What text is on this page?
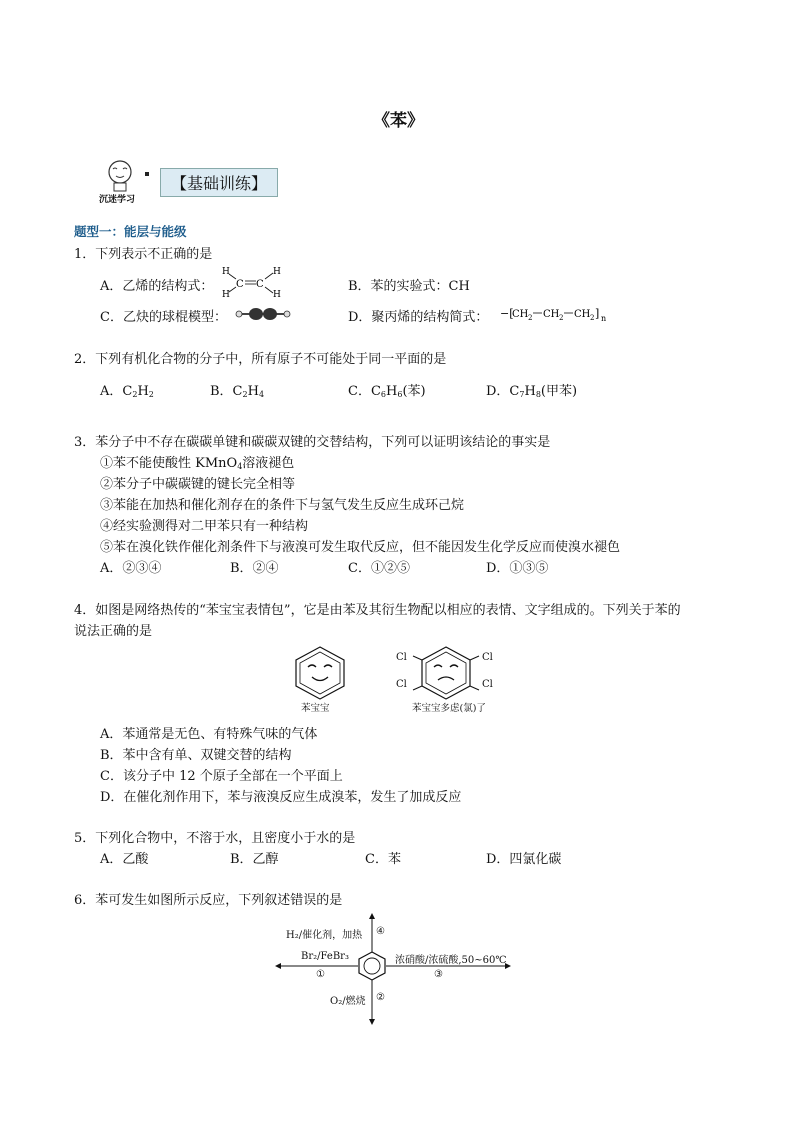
《苯》
沉迷学习
【基础训练】
题型一：能层与能级
1．下列表示不正确的是
A．乙烯的结构式：
H
H
C C
H
H
B．苯的实验式：CH
C．乙炔的球棍模型：	D．聚丙烯的结构简式： −[
CH 2 CH 2 CH 2 ] n
2．下列有机化合物的分子中，所有原子不可能处于同一平面的是
A．$C_2H_2$	B．$C_2H_4$	C．$C_6H_6$(苯)	D．$C_7H_8$(甲苯)
3．苯分子中不存在碳碳单键和碳碳双键的交替结构，下列可以证明该结论的事实是
①苯不能使酸性 KMnO$_4$溶液褪色
②苯分子中碳碳键的键长完全相等
③苯能在加热和催化剂存在的条件下与氢气发生反应生成环己烷
④经实验测得对二甲苯只有一种结构
⑤苯在溴化铁作催化剂条件下与液溴可发生取代反应，但不能因发生化学反应而使溴水褪色
A．②③④	B．②④	C．①②⑤	D．①③⑤
4．如图是网络热传的“苯宝宝表情包”，它是由苯及其衍生物配以相应的表情、文字组成的。下列关于苯的
说法正确的是
苯宝宝
Cl
Cl
Cl
Cl
苯宝宝多虑(氯)了
A．苯通常是无色、有特殊气味的气体
B．苯中含有单、双键交替的结构
C．该分子中 12 个原子全部在一个平面上
D．在催化剂作用下，苯与液溴反应生成溴苯，发生了加成反应
5．下列化合物中，不溶于水，且密度小于水的是
A．乙酸	B．乙醇	C．苯	D．四氯化碳
6．苯可发生如图所示反应，下列叙述错误的是
H₂/催化剂，加热 ④
Br₂/FeBr₃
①
浓硝酸/浓硫酸,50~60℃
③
O₂/燃烧 ②
